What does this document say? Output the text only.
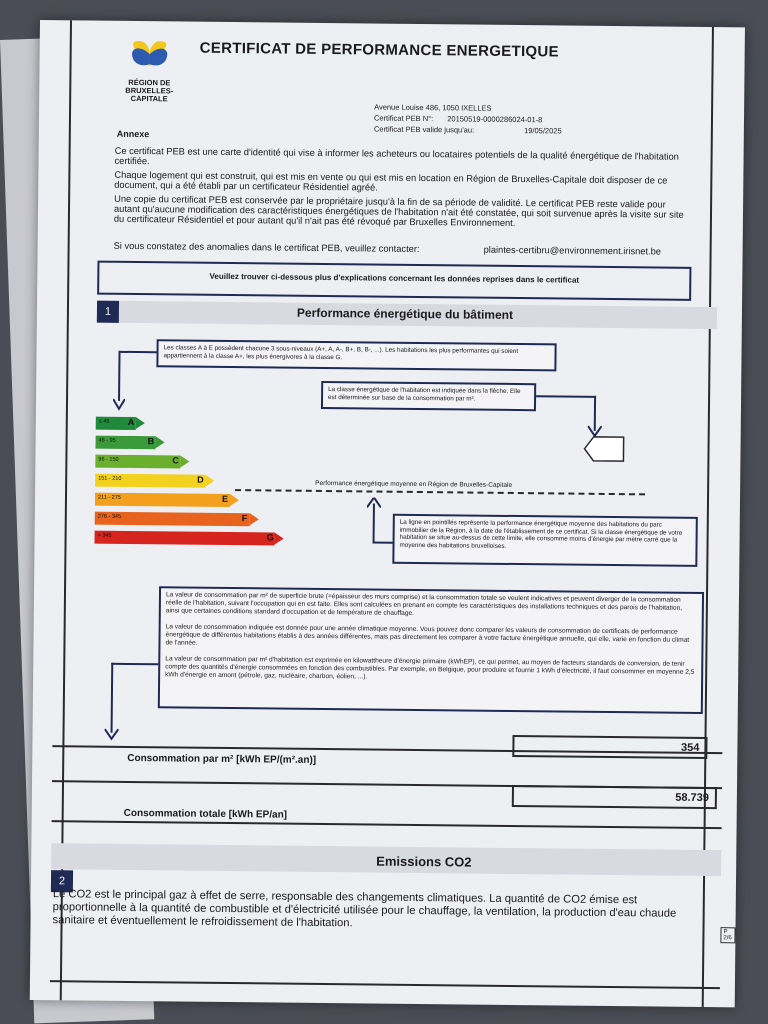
RÉGION DE BRUXELLES-CAPITALE
CERTIFICAT DE PERFORMANCE ENERGETIQUE
Avenue Louise 486, 1050 IXELLES
Certificat PEB N°: 20150519-0000286024-01-8
Certificat PEB valide jusqu'au:	19/05/2025
Annexe

Ce certificat PEB est une carte d'identité qui vise à informer les acheteurs ou locataires potentiels de la qualité énergétique de l'habitation certifiée.

Chaque logement qui est construit, qui est mis en vente ou qui est mis en location en Région de Bruxelles-Capitale doit disposer de ce document, qui a été établi par un certificateur Résidentiel agréé.

Une copie du certificat PEB est conservée par le propriétaire jusqu'à la fin de sa période de validité. Le certificat PEB reste valide pour autant qu'aucune modification des caractéristiques énergétiques de l'habitation n'ait été constatée, qui soit survenue après la visite sur site du certificateur Résidentiel et pour autant qu'il n'ait pas été révoqué par Bruxelles Environnement.

Si vous constatez des anomalies dans le certificat PEB, veuillez contacter:	plaintes-certibru@environnement.irisnet.be
Veuillez trouver ci-dessous plus d'explications concernant les données reprises dans le certificat
1	Performance énergétique du bâtiment
Les classes A à E possèdent chacune 3 sous-niveaux (A+, A, A-, B+, B, B-, ...). Les habitations les plus performantes qui soient appartiennent à la classe A+, les plus énergivores à la classe G.
La classe énergétique de l'habitation est indiquée dans la flèche. Elle est déterminée sur base de la consommation par m².
≤ 45 A
46 - 95	B
96 - 150	C
151 - 210	D
211 - 275	E
276 - 345	F
> 345	G
Performance énergétique moyenne en Région de Bruxelles-Capitale
La ligne en pointillés représente la performance énergétique moyenne des habitations du parc immobilier de la Région, à la date de l'établissement de ce certificat. Si la classe énergétique de votre habitation se situe au-dessus de cette limite, elle consomme moins d'énergie par mètre carré que la moyenne des habitations bruxelloises.
La valeur de consommation par m² de superficie brute (=épaisseur des murs comprise) et la consommation totale se veulent indicatives et peuvent diverger de la consommation réelle de l'habitation, suivant l'occupation qui en est faite. Elles sont calculées en prenant en compte les caractéristiques des installations techniques et des parois de l'habitation, ainsi que certaines conditions standard d'occupation et de température de chauffage.
La valeur de consommation indiquée est donnée pour une année climatique moyenne. Vous pouvez donc comparer les valeurs de consommation de certificats de performance énergétique de différentes habitations établis à des années différentes, mais pas directement les comparer à votre facture énergétique annuelle, qui elle, varie en fonction du climat de l'année.
La valeur de consommation par m² d'habitation est exprimée en kilowattheure d'énergie primaire (kWhEP), ce qui permet, au moyen de facteurs standards de conversion, de tenir compte des quantités d'énergie consommées en fonction des combustibles. Par exemple, en Belgique, pour produire et fournir 1 kWh d'électricité, il faut consommer en moyenne 2,5 kWh d'énergie en amont (pétrole, gaz, nucléaire, charbon, éolien, ...).
Consommation par m² [kWh EP/(m².an)]
354
Consommation totale [kWh EP/an]
58.739
2
Emissions CO2
Le CO2 est le principal gaz à effet de serre, responsable des changements climatiques. La quantité de CO2 émise est proportionnelle à la quantité de combustible et d'électricité utilisée pour le chauffage, la ventilation, la production d'eau chaude sanitaire et éventuellement le refroidissement de l'habitation.
P 2/6
